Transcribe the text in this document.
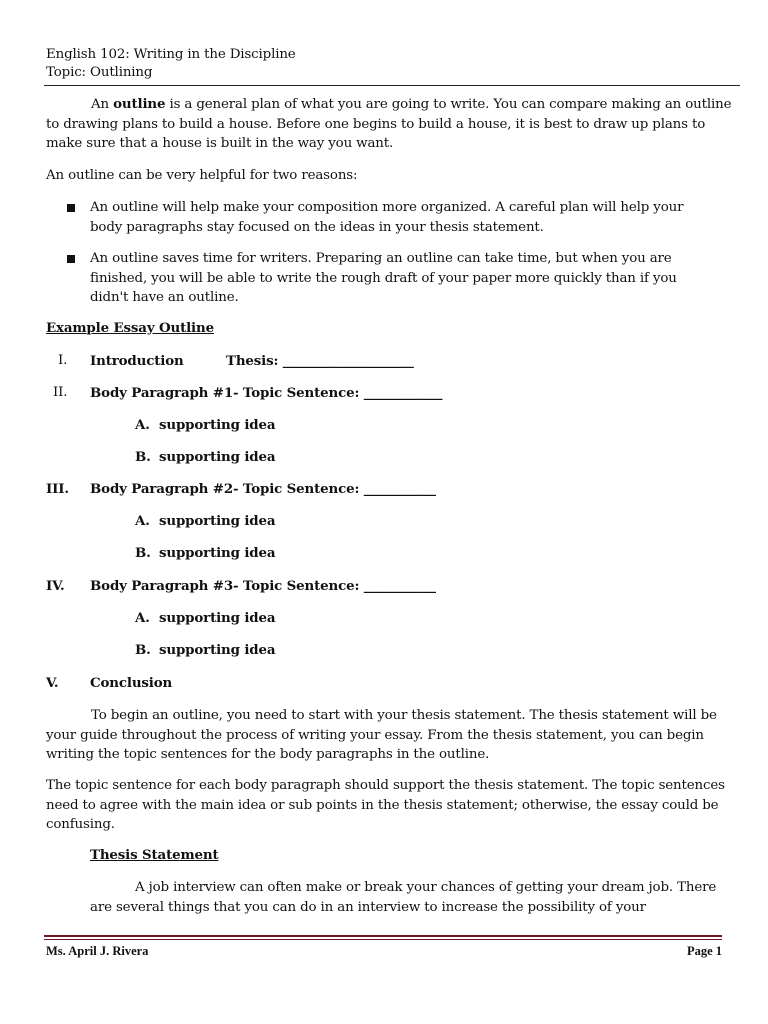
English 102: Writing in the Discipline
Topic: Outlining

An outline is a general plan of what you are going to write. You can compare making an outline to drawing plans to build a house. Before one begins to build a house, it is best to draw up plans to make sure that a house is built in the way you want.

An outline can be very helpful for two reasons:

An outline will help make your composition more organized. A careful plan will help your body paragraphs stay focused on the ideas in your thesis statement.

An outline saves time for writers. Preparing an outline can take time, but when you are finished, you will be able to write the rough draft of your paper more quickly than if you didn't have an outline.

Example Essay Outline
I. Introduction	Thesis: ____________________
II. Body Paragraph #1- Topic Sentence: ____________
A. supporting idea
B. supporting idea
III. Body Paragraph #2- Topic Sentence: ___________
A. supporting idea
B. supporting idea
IV. Body Paragraph #3- Topic Sentence: ___________
A. supporting idea
B. supporting idea
V. Conclusion

To begin an outline, you need to start with your thesis statement. The thesis statement will be your guide throughout the process of writing your essay. From the thesis statement, you can begin writing the topic sentences for the body paragraphs in the outline.

The topic sentence for each body paragraph should support the thesis statement. The topic sentences need to agree with the main idea or sub points in the thesis statement; otherwise, the essay could be confusing.

Thesis Statement

A job interview can often make or break your chances of getting your dream job. There are several things that you can do in an interview to increase the possibility of your

Ms. April J. Rivera	Page 1
